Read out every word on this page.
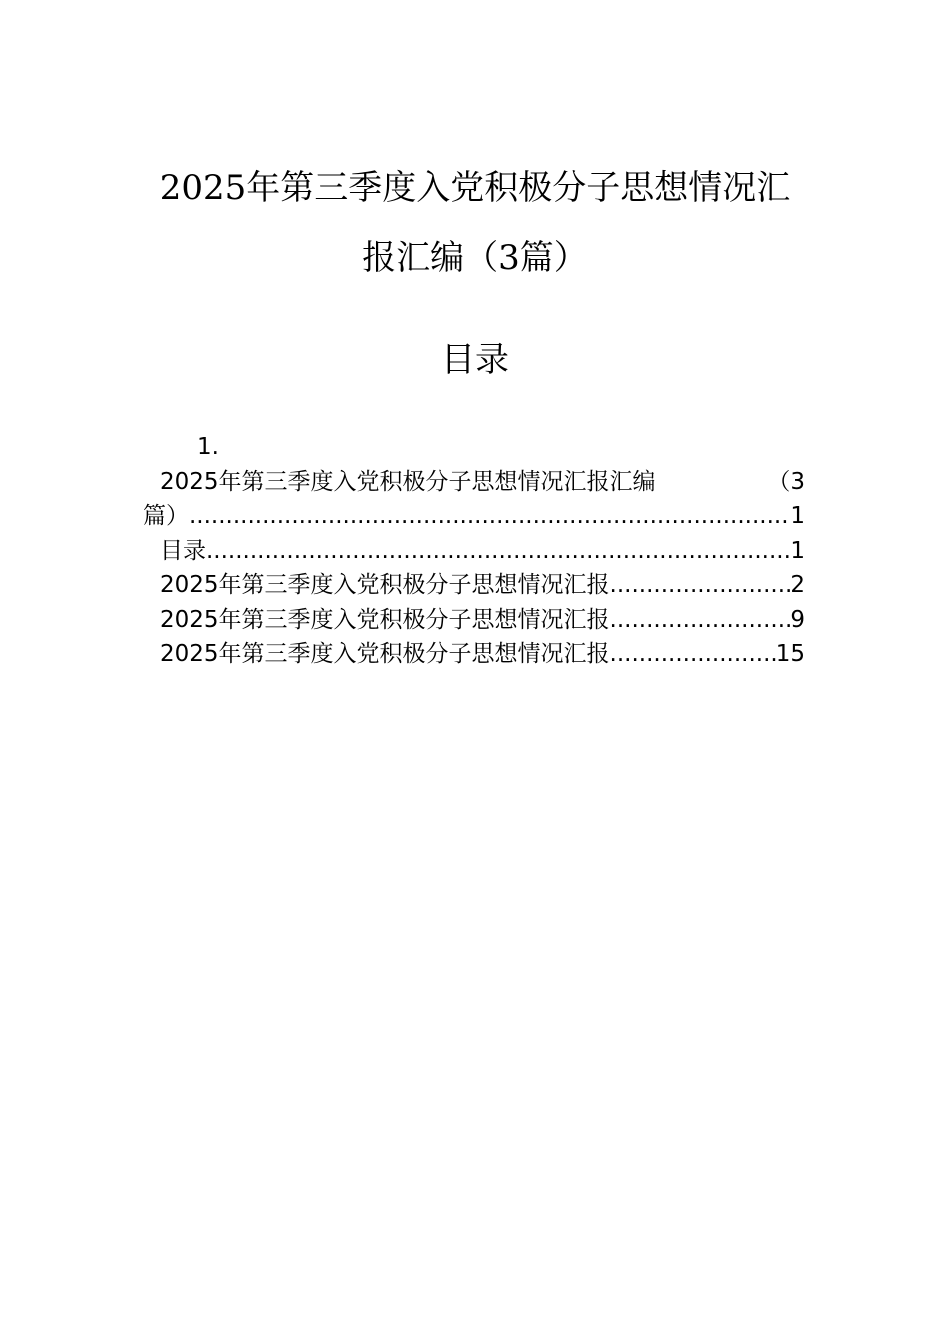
2025年第三季度入党积极分子思想情况汇
报汇编（3篇）
目录
1.
2025年第三季度入党积极分子思想情况汇报汇编	（3
篇） .....	1
目录 .....	1
2025年第三季度入党积极分子思想情况汇报 .....	2
2025年第三季度入党积极分子思想情况汇报 .....	9
2025年第三季度入党积极分子思想情况汇报 .....	15
